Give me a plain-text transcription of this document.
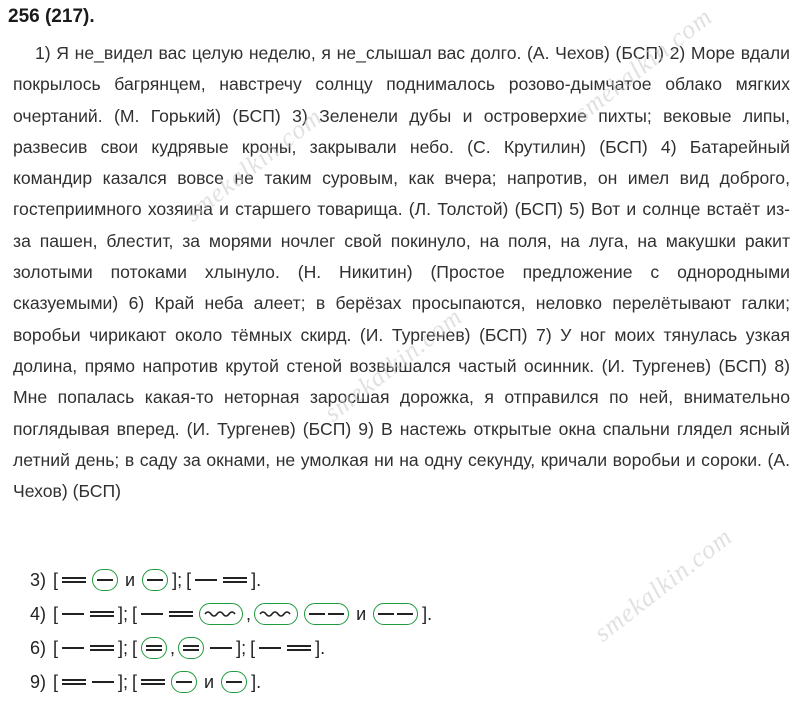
256 (217).

1) Я не_видел вас целую неделю, я не_слышал вас долго. (А. Чехов) (БСП) 2) Море вдали покрылось багрянцем, навстречу солнцу поднималось розово-дымчатое облако мягких очертаний. (М. Горький) (БСП) 3) Зеленели дубы и островерхие пихты; вековые липы, развесив свои кудрявые кроны, закрывали небо. (С. Крутилин) (БСП) 4) Батарейный командир казался вовсе не таким суровым, как вчера; напротив, он имел вид доброго, гостеприимного хозяина и старшего товарища. (Л. Толстой) (БСП) 5) Вот и солнце встаёт из-за пашен, блестит, за морями ночлег свой покинуло, на поля, на луга, на макушки ракит золотыми потоками хлынуло. (Н. Никитин) (Простое предложение с однородными сказуемыми) 6) Край неба алеет; в берёзах просыпаются, неловко перелётывают галки; воробьи чирикают около тёмных скирд. (И. Тургенев) (БСП) 7) У ног моих тянулась узкая долина, прямо напротив крутой стеной возвышался частый осинник. (И. Тургенев) (БСП) 8) Мне попалась какая-то неторная заросшая дорожка, я отправился по ней, внимательно поглядывая вперед. (И. Тургенев) (БСП) 9) В настежь открытые окна спальни глядел ясный летний день; в саду за окнами, не умолкая ни на одну секунду, кричали воробьи и сороки. (А. Чехов) (БСП)

3) [	и ]; [	].
4) [	]; [	,	и	].
6) [	]; [ ,	]; [	].
9) [	]; [	и ].
smekalkin.com
smekalkin.com
smekalkin.com
smekalkin.com
